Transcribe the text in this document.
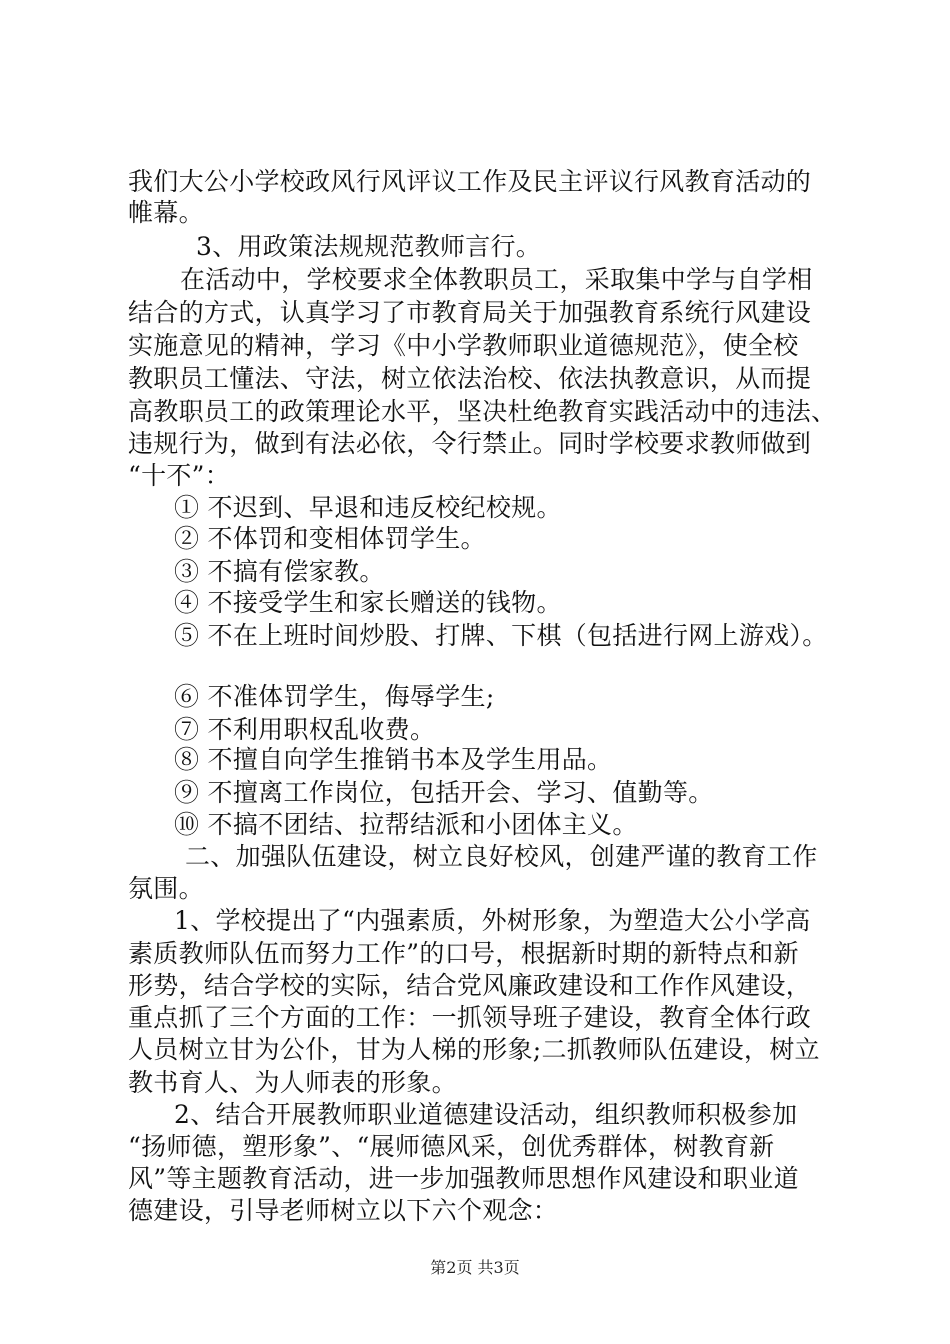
我们大公小学校政风行风评议工作及民主评议行风教育活动的
帷幕。
3、用政策法规规范教师言行。
在活动中，学校要求全体教职员工，采取集中学与自学相
结合的方式，认真学习了市教育局关于加强教育系统行风建设
实施意见的精神，学习《中小学教师职业道德规范》，使全校
教职员工懂法、守法，树立依法治校、依法执教意识，从而提
高教职员工的政策理论水平，坚决杜绝教育实践活动中的违法、
违规行为，做到有法必依，令行禁止。同时学校要求教师做到
“十不”：
① 不迟到、早退和违反校纪校规。
② 不体罚和变相体罚学生。
③ 不搞有偿家教。
④ 不接受学生和家长赠送的钱物。
⑤ 不在上班时间炒股、打牌、下棋（包括进行网上游戏）。
⑥ 不准体罚学生，侮辱学生;
⑦ 不利用职权乱收费。
⑧ 不擅自向学生推销书本及学生用品。
⑨ 不擅离工作岗位，包括开会、学习、值勤等。
⑩ 不搞不团结、拉帮结派和小团体主义。
二、加强队伍建设，树立良好校风，创建严谨的教育工作
氛围。
1、学校提出了“内强素质，外树形象，为塑造大公小学高
素质教师队伍而努力工作”的口号，根据新时期的新特点和新
形势，结合学校的实际，结合党风廉政建设和工作作风建设，
重点抓了三个方面的工作：一抓领导班子建设，教育全体行政
人员树立甘为公仆，甘为人梯的形象;二抓教师队伍建设，树立
教书育人、为人师表的形象。
2、结合开展教师职业道德建设活动，组织教师积极参加
“扬师德，塑形象”、“展师德风采，创优秀群体，树教育新
风”等主题教育活动，进一步加强教师思想作风建设和职业道
德建设，引导老师树立以下六个观念：
第2页 共3页
